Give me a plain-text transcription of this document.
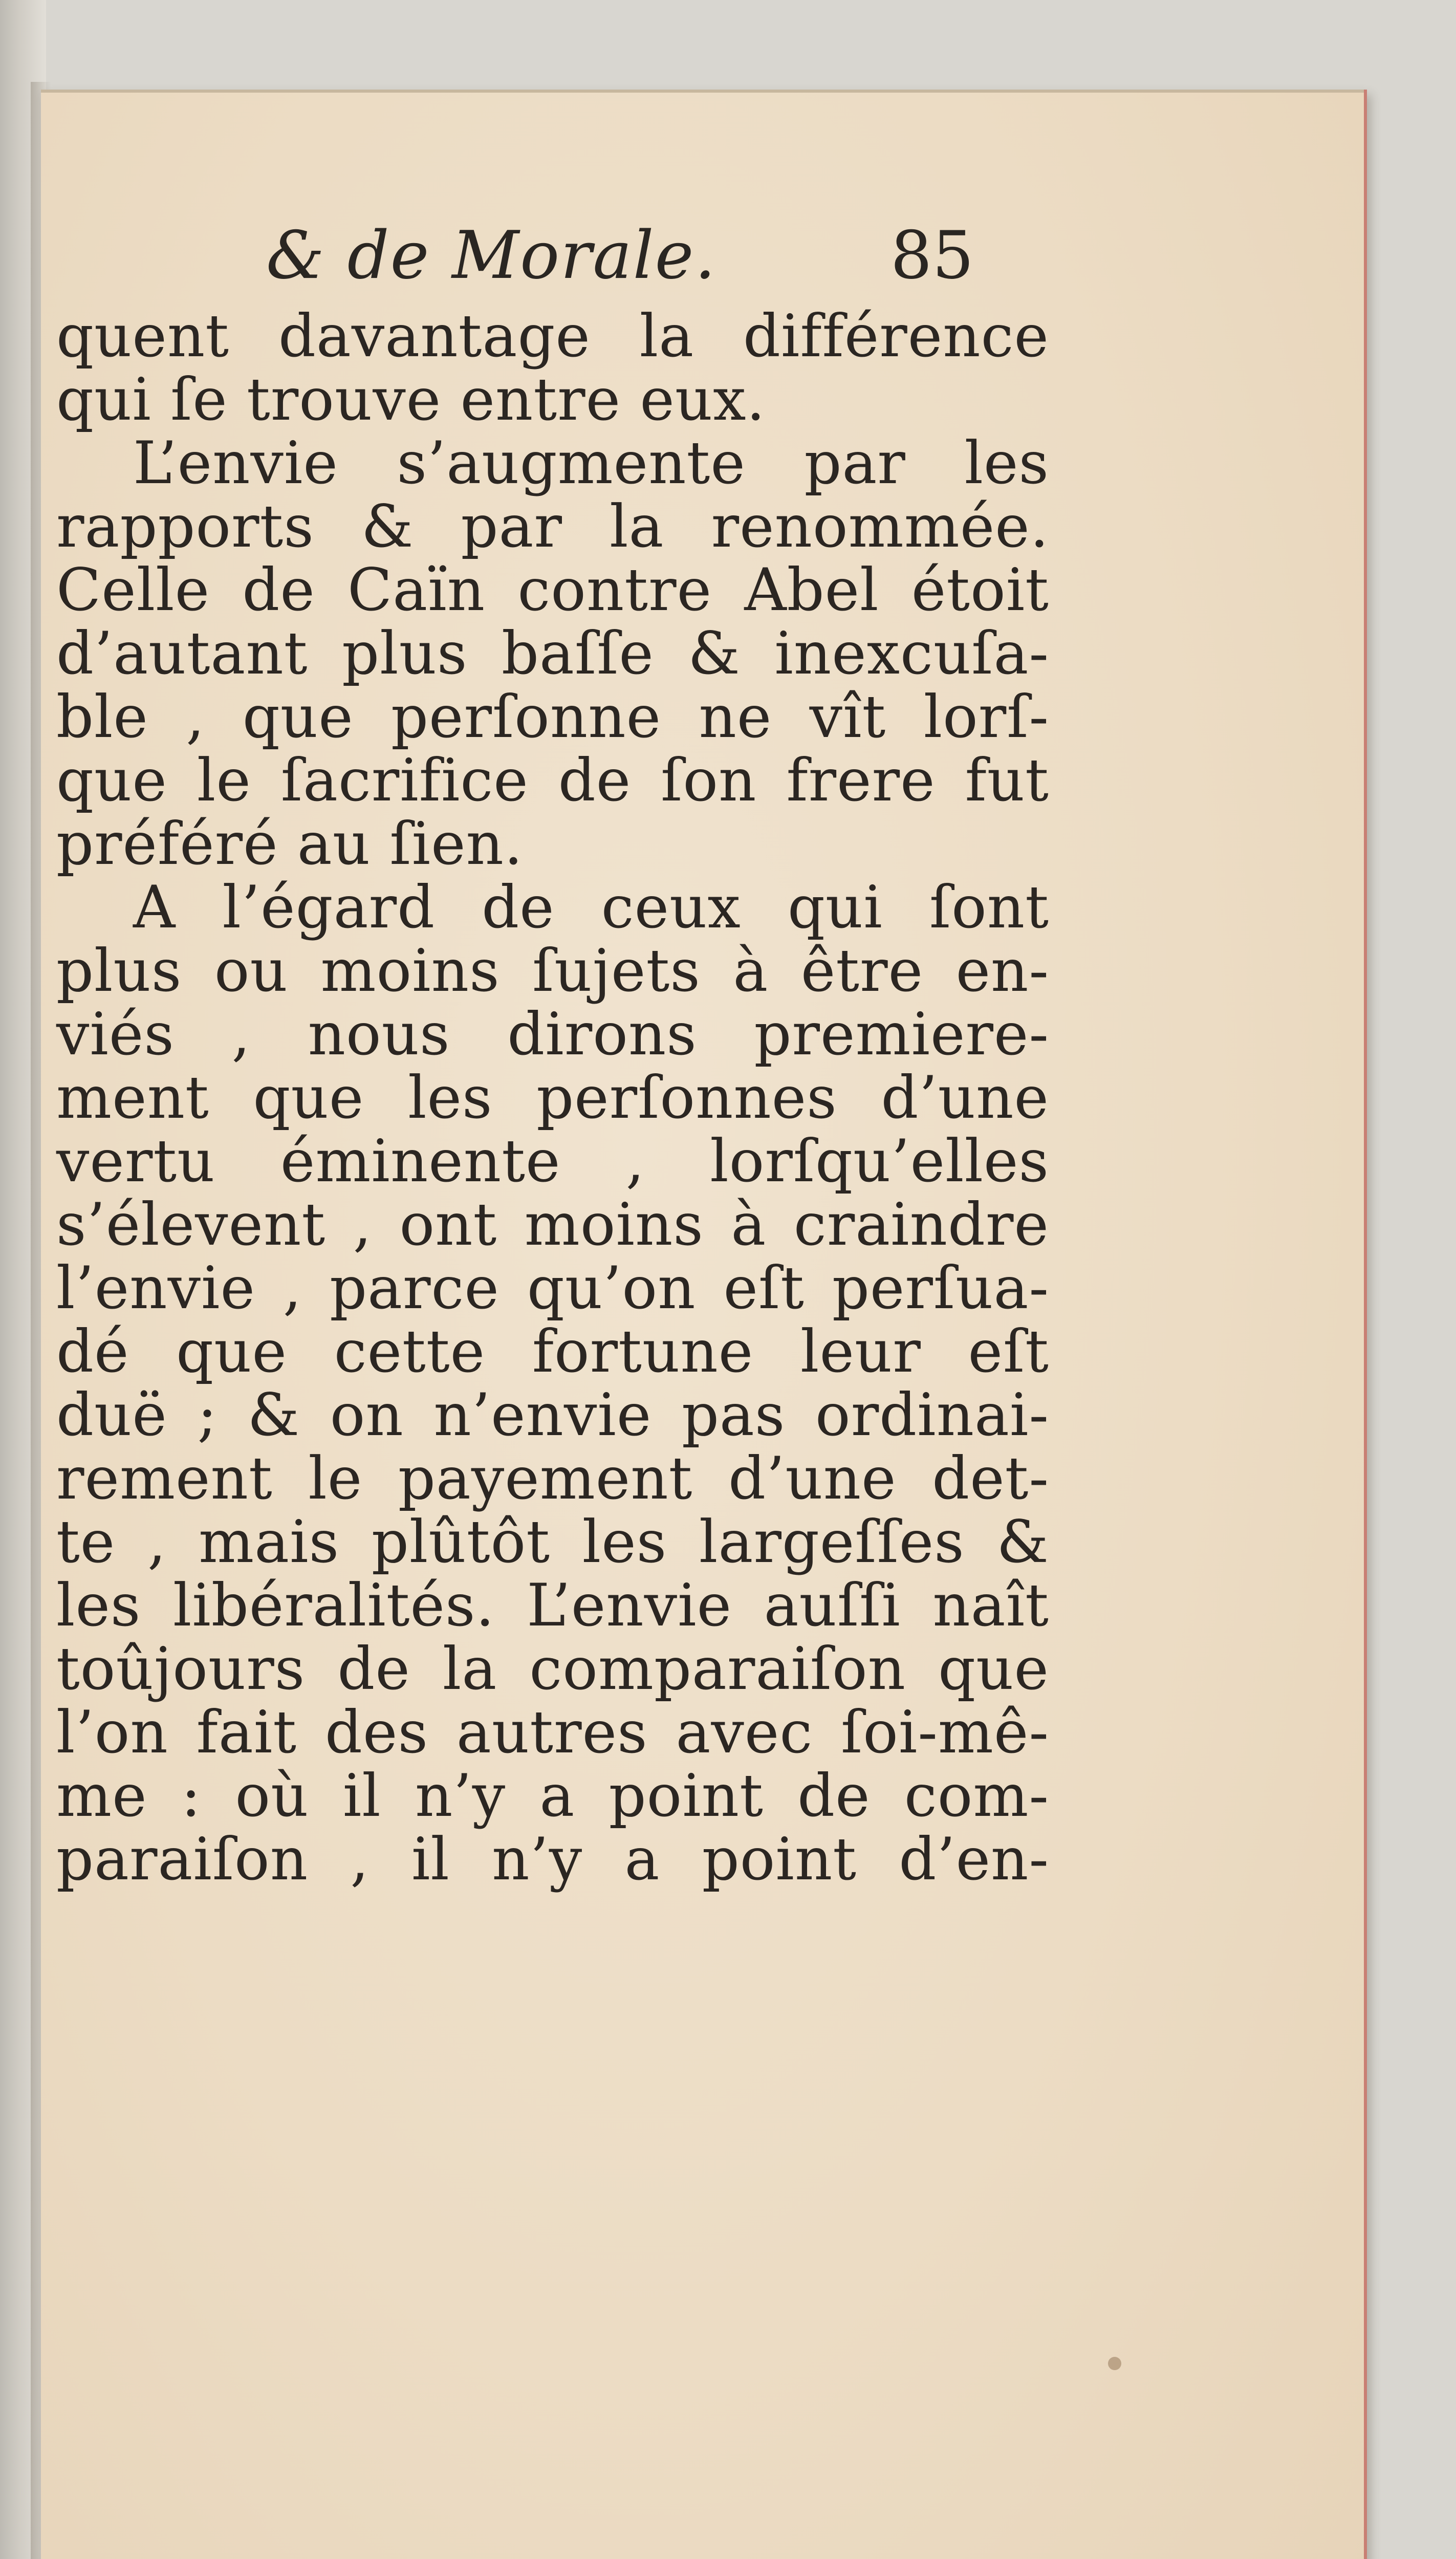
& de Morale.	85
quent davantage la différence
qui ſe trouve entre eux.
L’envie s’augmente par les
rapports & par la renommée.
Celle de Caïn contre Abel étoit
d’autant plus baſſe & inexcuſa-
ble , que perſonne ne vît lorſ-
que le ſacrifice de ſon frere fut
préféré au ſien.
A l’égard de ceux qui ſont
plus ou moins ſujets à être en-
viés , nous dirons premiere-
ment que les perſonnes d’une
vertu éminente , lorſqu’elles
s’élevent , ont moins à craindre
l’envie , parce qu’on eſt perſua-
dé que cette fortune leur eſt
duë ; & on n’envie pas ordinai-
rement le payement d’une det-
te , mais plûtôt les largeſſes &
les libéralités. L’envie auſſi naît
toûjours de la comparaiſon que
l’on fait des autres avec ſoi-mê-
me : où il n’y a point de com-
paraiſon , il n’y a point d’en-
